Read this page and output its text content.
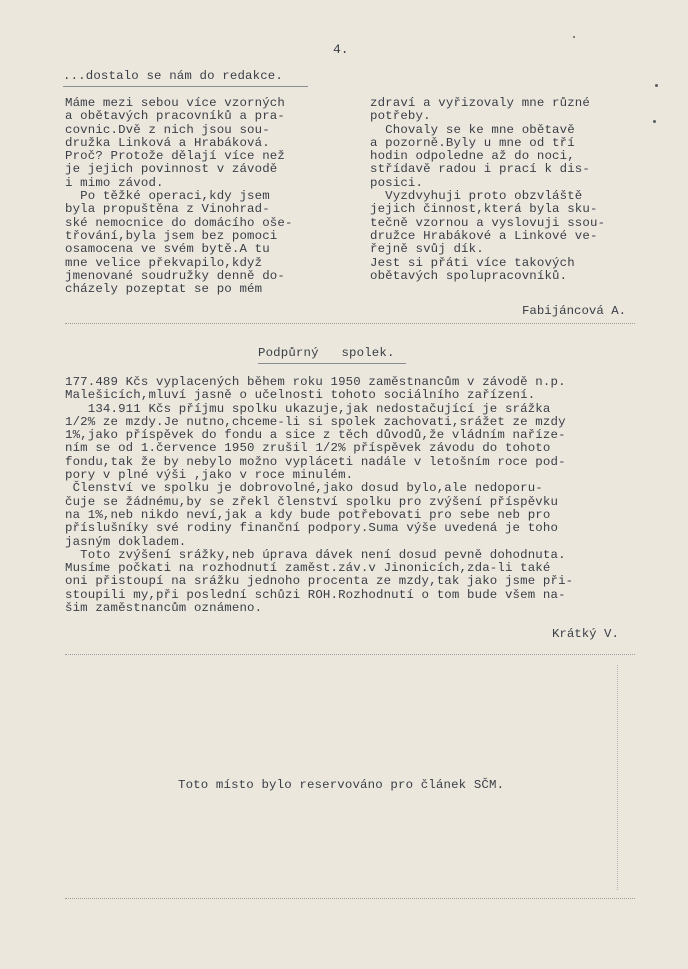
4.
...dostalo se nám do redakce.
Máme mezi sebou více vzorných
a obětavých pracovníků a pra-
covnic.Dvě z nich jsou sou-
družka Linková a Hrabáková.
Proč? Protože dělají více než
je jejich povinnost v závodě
i mimo závod.
Po těžké operaci,kdy jsem
byla propuštěna z Vinohrad-
ské nemocnice do domácího oše-
třování,byla jsem bez pomoci
osamocena ve svém bytě.A tu
mne velice překvapilo,když
jmenované soudružky denně do-
cházely pozeptat se po mém
zdraví a vyřizovaly mne různé
potřeby.
Chovaly se ke mne obětavě
a pozorně.Byly u mne od tří
hodin odpoledne až do noci,
střídavě radou i prací k dis-
posici.
Vyzdvyhuji proto obzvláště
jejich činnost,která byla sku-
tečně vzornou a vyslovuji ssou-
družce Hrabákové a Linkové ve-
řejně svůj dík.
Jest si přáti více takových
obětavých spolupracovníků.
Fabijáncová A.
Podpůrný   spolek.
177.489 Kčs vyplacených během roku 1950 zaměstnancům v závodě n.p.
Malešicích,mluví jasně o učelnosti tohoto sociálního zařízení.
134.911 Kčs příjmu spolku ukazuje,jak nedostačující je srážka
1/2% ze mzdy.Je nutno,chceme-li si spolek zachovati,srážet ze mzdy
1%,jako příspěvek do fondu a sice z těch důvodů,že vládním naříze-
ním se od 1.července 1950 zrušil 1/2% příspěvek závodu do tohoto
fondu,tak že by nebylo možno vypláceti nadále v letošním roce pod-
pory v plné výši ,jako v roce minulém.
Členství ve spolku je dobrovolné,jako dosud bylo,ale nedoporu-
čuje se žádnému,by se zřekl členství spolku pro zvýšení příspěvku
na 1%,neb nikdo neví,jak a kdy bude potřebovati pro sebe neb pro
příslušníky své rodiny finanční podpory.Suma výše uvedená je toho
jasným dokladem.
Toto zvýšení srážky,neb úprava dávek není dosud pevně dohodnuta.
Musíme počkati na rozhodnutí zaměst.záv.v Jinonicích,zda-li také
oni přistoupí na srážku jednoho procenta ze mzdy,tak jako jsme při-
stoupili my,při poslední schůzi ROH.Rozhodnutí o tom bude všem na-
šim zaměstnancům oznámeno.
Krátký V.
Toto místo bylo reservováno pro článek SČM.
